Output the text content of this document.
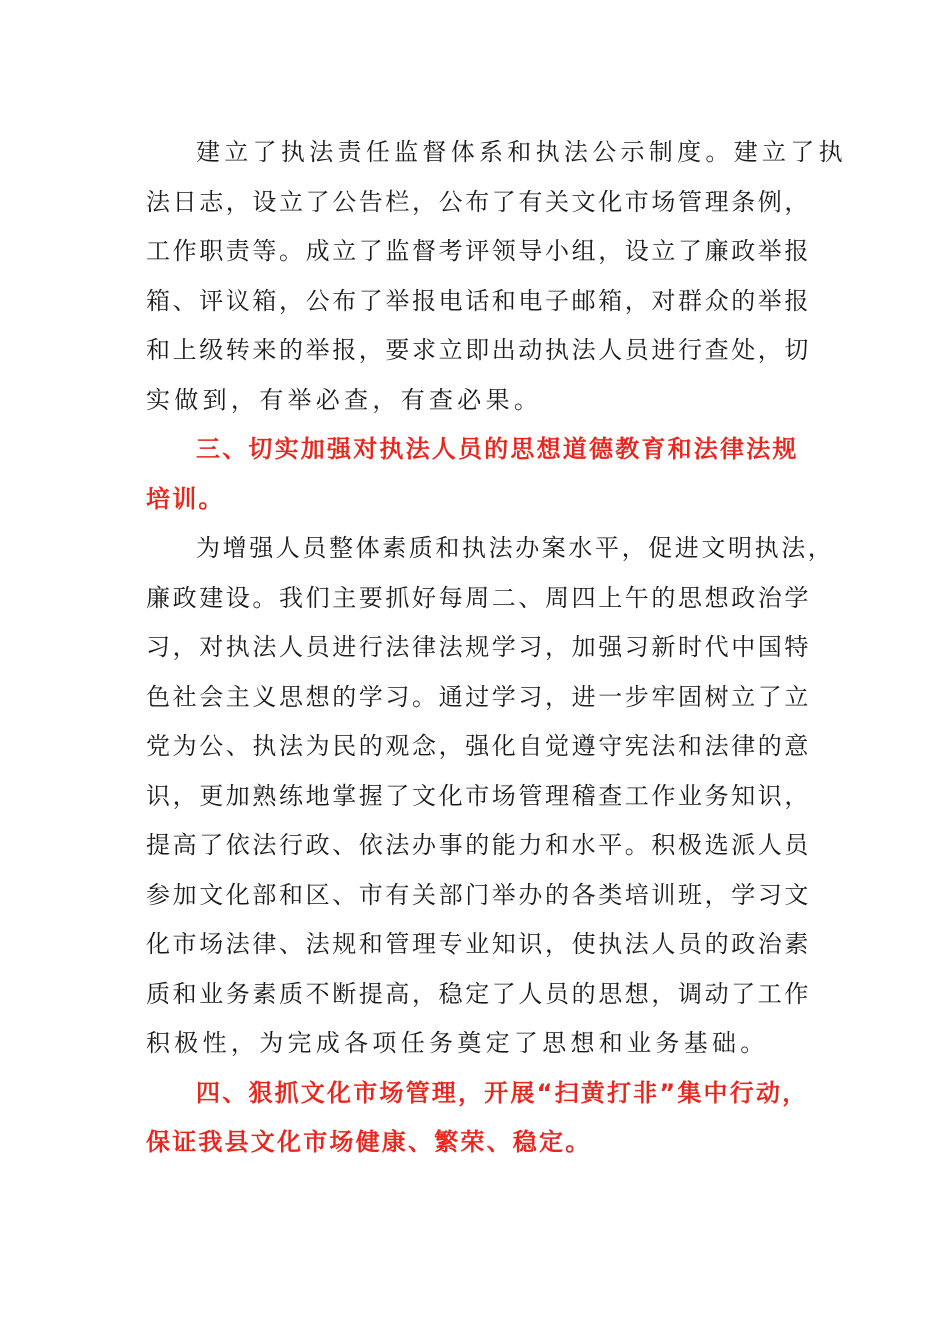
建立了执法责任监督体系和执法公示制度。建立了执
法日志，设立了公告栏，公布了有关文化市场管理条例，
工作职责等。成立了监督考评领导小组，设立了廉政举报
箱、评议箱，公布了举报电话和电子邮箱，对群众的举报
和上级转来的举报，要求立即出动执法人员进行查处，切
实做到，有举必查，有查必果。
三、切实加强对执法人员的思想道德教育和法律法规
培训。
为增强人员整体素质和执法办案水平，促进文明执法，
廉政建设。我们主要抓好每周二、周四上午的思想政治学
习，对执法人员进行法律法规学习，加强习新时代中国特
色社会主义思想的学习。通过学习，进一步牢固树立了立
党为公、执法为民的观念，强化自觉遵守宪法和法律的意
识，更加熟练地掌握了文化市场管理稽查工作业务知识，
提高了依法行政、依法办事的能力和水平。积极选派人员
参加文化部和区、市有关部门举办的各类培训班，学习文
化市场法律、法规和管理专业知识，使执法人员的政治素
质和业务素质不断提高，稳定了人员的思想，调动了工作
积极性，为完成各项任务奠定了思想和业务基础。
四、狠抓文化市场管理，开展“扫黄打非”集中行动，
保证我县文化市场健康、繁荣、稳定。
